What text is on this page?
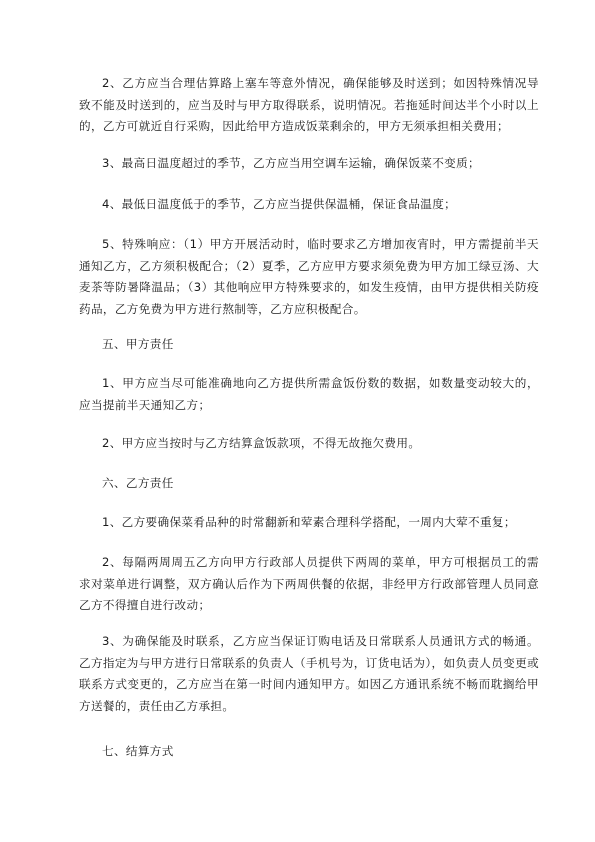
2、乙方应当合理估算路上塞车等意外情况，确保能够及时送到；如因特殊情况导致不能及时送到的，应当及时与甲方取得联系，说明情况。若拖延时间达半个小时以上的，乙方可就近自行采购，因此给甲方造成饭菜剩余的，甲方无须承担相关费用；

3、最高日温度超过的季节，乙方应当用空调车运输，确保饭菜不变质；

4、最低日温度低于的季节，乙方应当提供保温桶，保证食品温度；

5、特殊响应：（1）甲方开展活动时，临时要求乙方增加夜宵时，甲方需提前半天通知乙方，乙方须积极配合；（2）夏季，乙方应甲方要求须免费为甲方加工绿豆汤、大麦茶等防暑降温品；（3）其他响应甲方特殊要求的，如发生疫情，由甲方提供相关防疫药品，乙方免费为甲方进行熬制等，乙方应积极配合。

五、甲方责任

1、甲方应当尽可能准确地向乙方提供所需盒饭份数的数据，如数量变动较大的，应当提前半天通知乙方；

2、甲方应当按时与乙方结算盒饭款项，不得无故拖欠费用。

六、乙方责任

1、乙方要确保菜肴品种的时常翻新和荤素合理科学搭配，一周内大荤不重复；

2、每隔两周周五乙方向甲方行政部人员提供下两周的菜单，甲方可根据员工的需求对菜单进行调整，双方确认后作为下两周供餐的依据，非经甲方行政部管理人员同意乙方不得擅自进行改动；

3、为确保能及时联系，乙方应当保证订购电话及日常联系人员通讯方式的畅通。乙方指定为与甲方进行日常联系的负责人（手机号为，订货电话为），如负责人员变更或联系方式变更的，乙方应当在第一时间内通知甲方。如因乙方通讯系统不畅而耽搁给甲方送餐的，责任由乙方承担。

七、结算方式
